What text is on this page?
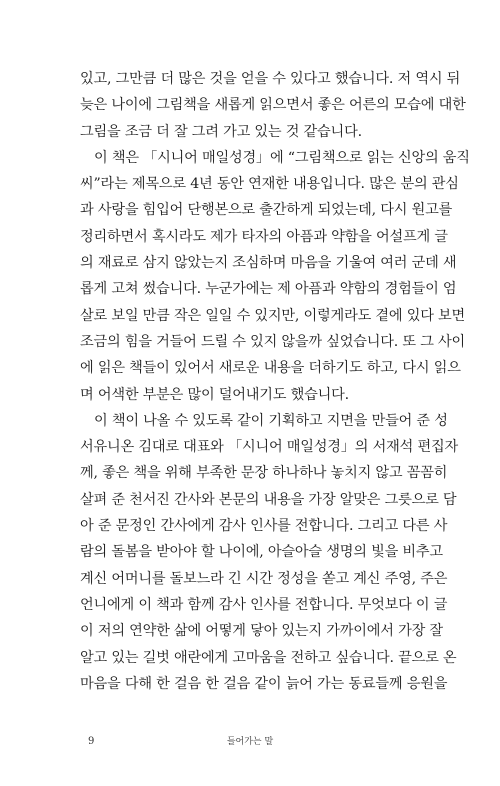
있고, 그만큼 더 많은 것을 얻을 수 있다고 했습니다. 저 역시 뒤
늦은 나이에 그림책을 새롭게 읽으면서 좋은 어른의 모습에 대한
그림을 조금 더 잘 그려 가고 있는 것 같습니다.
이 책은 「시니어 매일성경」에 “그림책으로 읽는 신앙의 움직
씨”라는 제목으로 4년 동안 연재한 내용입니다. 많은 분의 관심
과 사랑을 힘입어 단행본으로 출간하게 되었는데, 다시 원고를
정리하면서 혹시라도 제가 타자의 아픔과 약함을 어설프게 글
의 재료로 삼지 않았는지 조심하며 마음을 기울여 여러 군데 새
롭게 고쳐 썼습니다. 누군가에는 제 아픔과 약함의 경험들이 엄
살로 보일 만큼 작은 일일 수 있지만, 이렇게라도 곁에 있다 보면
조금의 힘을 거들어 드릴 수 있지 않을까 싶었습니다. 또 그 사이
에 읽은 책들이 있어서 새로운 내용을 더하기도 하고, 다시 읽으
며 어색한 부분은 많이 덜어내기도 했습니다.
이 책이 나올 수 있도록 같이 기획하고 지면을 만들어 준 성
서유니온 김대로 대표와 「시니어 매일성경」의 서재석 편집자
께, 좋은 책을 위해 부족한 문장 하나하나 놓치지 않고 꼼꼼히
살펴 준 천서진 간사와 본문의 내용을 가장 알맞은 그릇으로 담
아 준 문정인 간사에게 감사 인사를 전합니다. 그리고 다른 사
람의 돌봄을 받아야 할 나이에, 아슬아슬 생명의 빛을 비추고
계신 어머니를 돌보느라 긴 시간 정성을 쏟고 계신 주영, 주은
언니에게 이 책과 함께 감사 인사를 전합니다. 무엇보다 이 글
이 저의 연약한 삶에 어떻게 닿아 있는지 가까이에서 가장 잘
알고 있는 길벗 애란에게 고마움을 전하고 싶습니다. 끝으로 온
마음을 다해 한 걸음 한 걸음 같이 늙어 가는 동료들께 응원을
9	들어가는 말
